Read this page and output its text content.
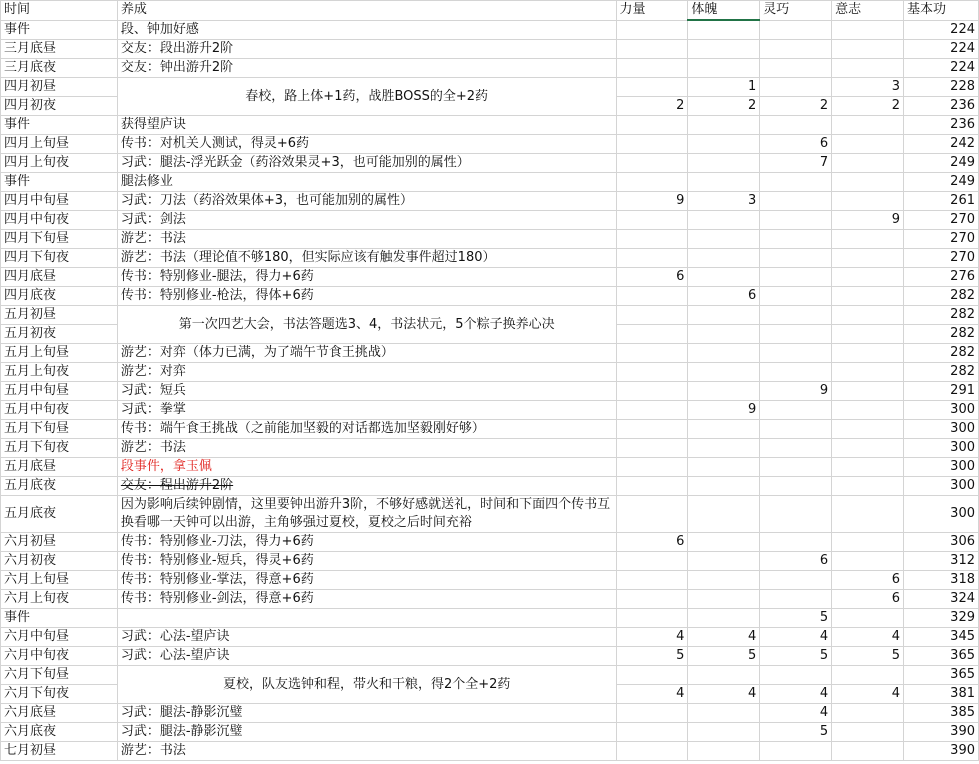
时间	养成	力量	体魄	灵巧	意志	基本功
事件	段、钟加好感					224
三月底昼	交友：段出游升2阶					224
三月底夜	交友：钟出游升2阶					224
四月初昼	春校，路上体+1药，战胜BOSS的全+2药		1		3	228
四月初夜		2	2	2	2	236
事件	获得望庐诀					236
四月上旬昼	传书：对机关人测试，得灵+6药			6		242
四月上旬夜	习武：腿法-浮光跃金（药浴效果灵+3，也可能加别的属性）			7		249
事件	腿法修业					249
四月中旬昼	习武：刀法（药浴效果体+3，也可能加别的属性）	9	3			261
四月中旬夜	习武：剑法				9	270
四月下旬昼	游艺：书法					270
四月下旬夜	游艺：书法（理论值不够180，但实际应该有触发事件超过180）					270
四月底昼	传书：特别修业-腿法，得力+6药	6				276
四月底夜	传书：特别修业-枪法，得体+6药		6			282
五月初昼	第一次四艺大会，书法答题选3、4，书法状元，5个粽子换养心决					282
五月初夜						282
五月上旬昼	游艺：对弈（体力已满，为了端午节食王挑战）					282
五月上旬夜	游艺：对弈					282
五月中旬昼	习武：短兵			9		291
五月中旬夜	习武：拳掌		9			300
五月下旬昼	传书：端午食王挑战（之前能加坚毅的对话都选加坚毅刚好够）					300
五月下旬夜	游艺：书法					300
五月底昼	段事件，拿玉佩					300
五月底夜	交友：程出游升2阶					300
五月底夜	因为影响后续钟剧情，这里要钟出游升3阶，不够好感就送礼，时间和下面四个传书互换看哪一天钟可以出游，主角够强过夏校，夏校之后时间充裕					300
六月初昼	传书：特别修业-刀法，得力+6药	6				306
六月初夜	传书：特别修业-短兵，得灵+6药			6		312
六月上旬昼	传书：特别修业-掌法，得意+6药				6	318
六月上旬夜	传书：特别修业-剑法，得意+6药				6	324
事件				5		329
六月中旬昼	习武：心法-望庐诀	4	4	4	4	345
六月中旬夜	习武：心法-望庐诀	5	5	5	5	365
六月下旬昼	夏校，队友选钟和程，带火和干粮，得2个全+2药					365
六月下旬夜		4	4	4	4	381
六月底昼	习武：腿法-静影沉璧			4		385
六月底夜	习武：腿法-静影沉璧			5		390
七月初昼	游艺：书法					390
